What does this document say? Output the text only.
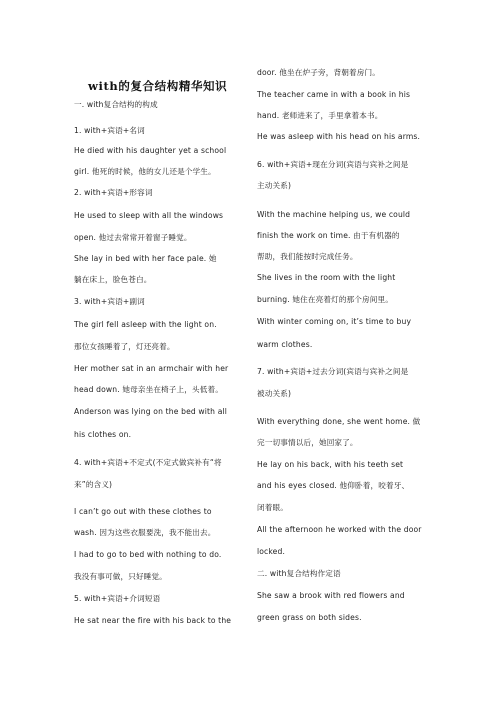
with的复合结构精华知识
一. with复合结构的构成
1. with+宾语+名词
He died with his daughter yet a school
girl. 他死的时候，他的女儿还是个学生。
2. with+宾语+形容词
He used to sleep with all the windows
open. 他过去常常开着窗子睡觉。
She lay in bed with her face pale. 她
躺在床上，脸色苍白。
3. with+宾语+副词
The girl fell asleep with the light on.
那位女孩睡着了，灯还亮着。
Her mother sat in an armchair with her
head down. 她母亲坐在椅子上，头低着。
Anderson was lying on the bed with all
his clothes on.
4. with+宾语+不定式(不定式做宾补有“将
来”的含义)
I can’t go out with these clothes to
wash. 因为这些衣服要洗，我不能出去。
I had to go to bed with nothing to do.
我没有事可做，只好睡觉。
5. with+宾语+介词短语
He sat near the fire with his back to the
door. 他坐在炉子旁，背朝着房门。
The teacher came in with a book in his
hand. 老师进来了，手里拿着本书。
He was asleep with his head on his arms.
6. with+宾语+现在分词(宾语与宾补之间是
主动关系)
With the machine helping us, we could
finish the work on time. 由于有机器的
帮助，我们能按时完成任务。
She lives in the room with the light
burning. 她住在亮着灯的那个房间里。
With winter coming on, it’s time to buy
warm clothes.
7. with+宾语+过去分词(宾语与宾补之间是
被动关系)
With everything done, she went home. 做
完一切事情以后，她回家了。
He lay on his back, with his teeth set
and his eyes closed. 他仰卧着，咬着牙、
闭着眼。
All the afternoon he worked with the door
locked.
二. with复合结构作定语
She saw a brook with red flowers and
green grass on both sides.
